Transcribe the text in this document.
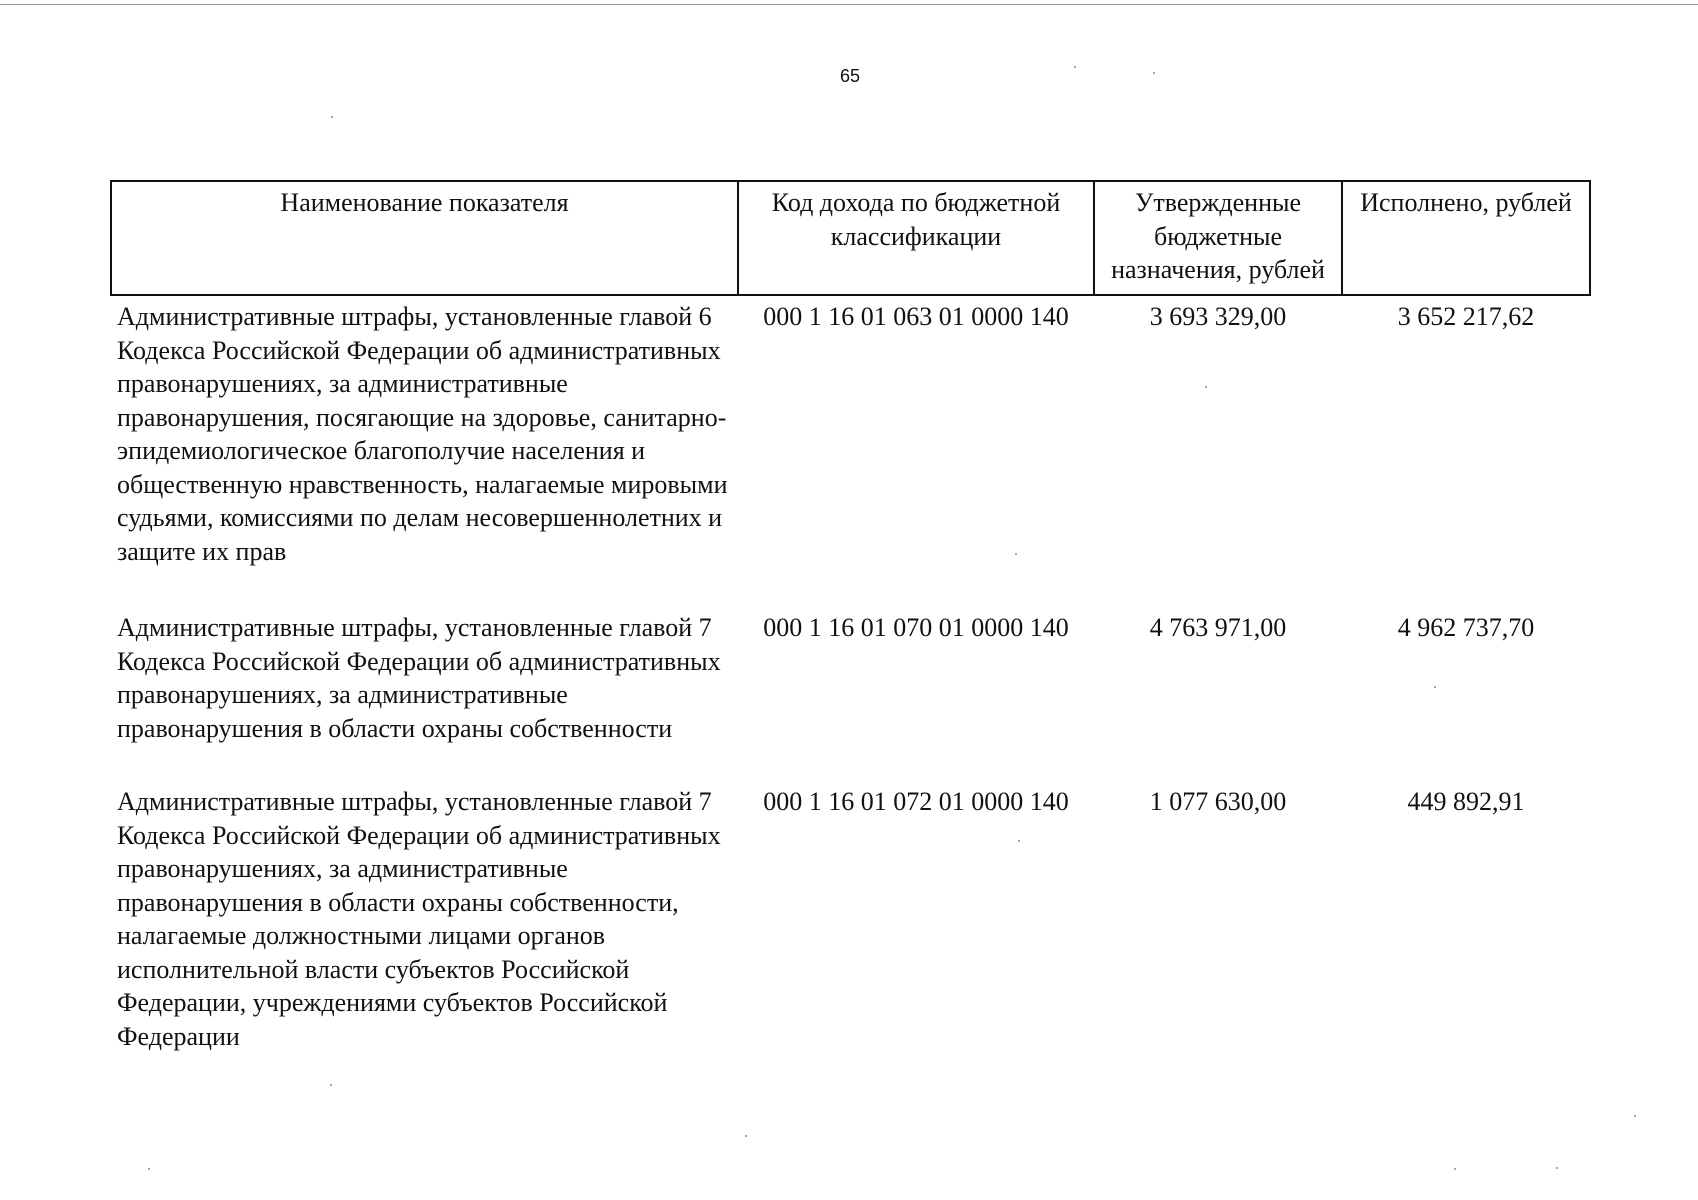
65
Наименование показателя	Код дохода по бюджетной классификации	Утвержденные бюджетные назначения, рублей	Исполнено, рублей
Административные штрафы, установленные главой 6 Кодекса Российской Федерации об административных правонарушениях, за административные правонарушения, посягающие на здоровье, санитарно-эпидемиологическое благополучие населения и общественную нравственность, налагаемые мировыми судьями, комиссиями по делам несовершеннолетних и защите их прав	000 1 16 01 063 01 0000 140	3 693 329,00	3 652 217,62
Административные штрафы, установленные главой 7 Кодекса Российской Федерации об административных правонарушениях, за административные правонарушения в области охраны собственности	000 1 16 01 070 01 0000 140	4 763 971,00	4 962 737,70
Административные штрафы, установленные главой 7 Кодекса Российской Федерации об административных правонарушениях, за административные правонарушения в области охраны собственности, налагаемые должностными лицами органов исполнительной власти субъектов Российской Федерации, учреждениями субъектов Российской Федерации	000 1 16 01 072 01 0000 140	1 077 630,00	449 892,91
